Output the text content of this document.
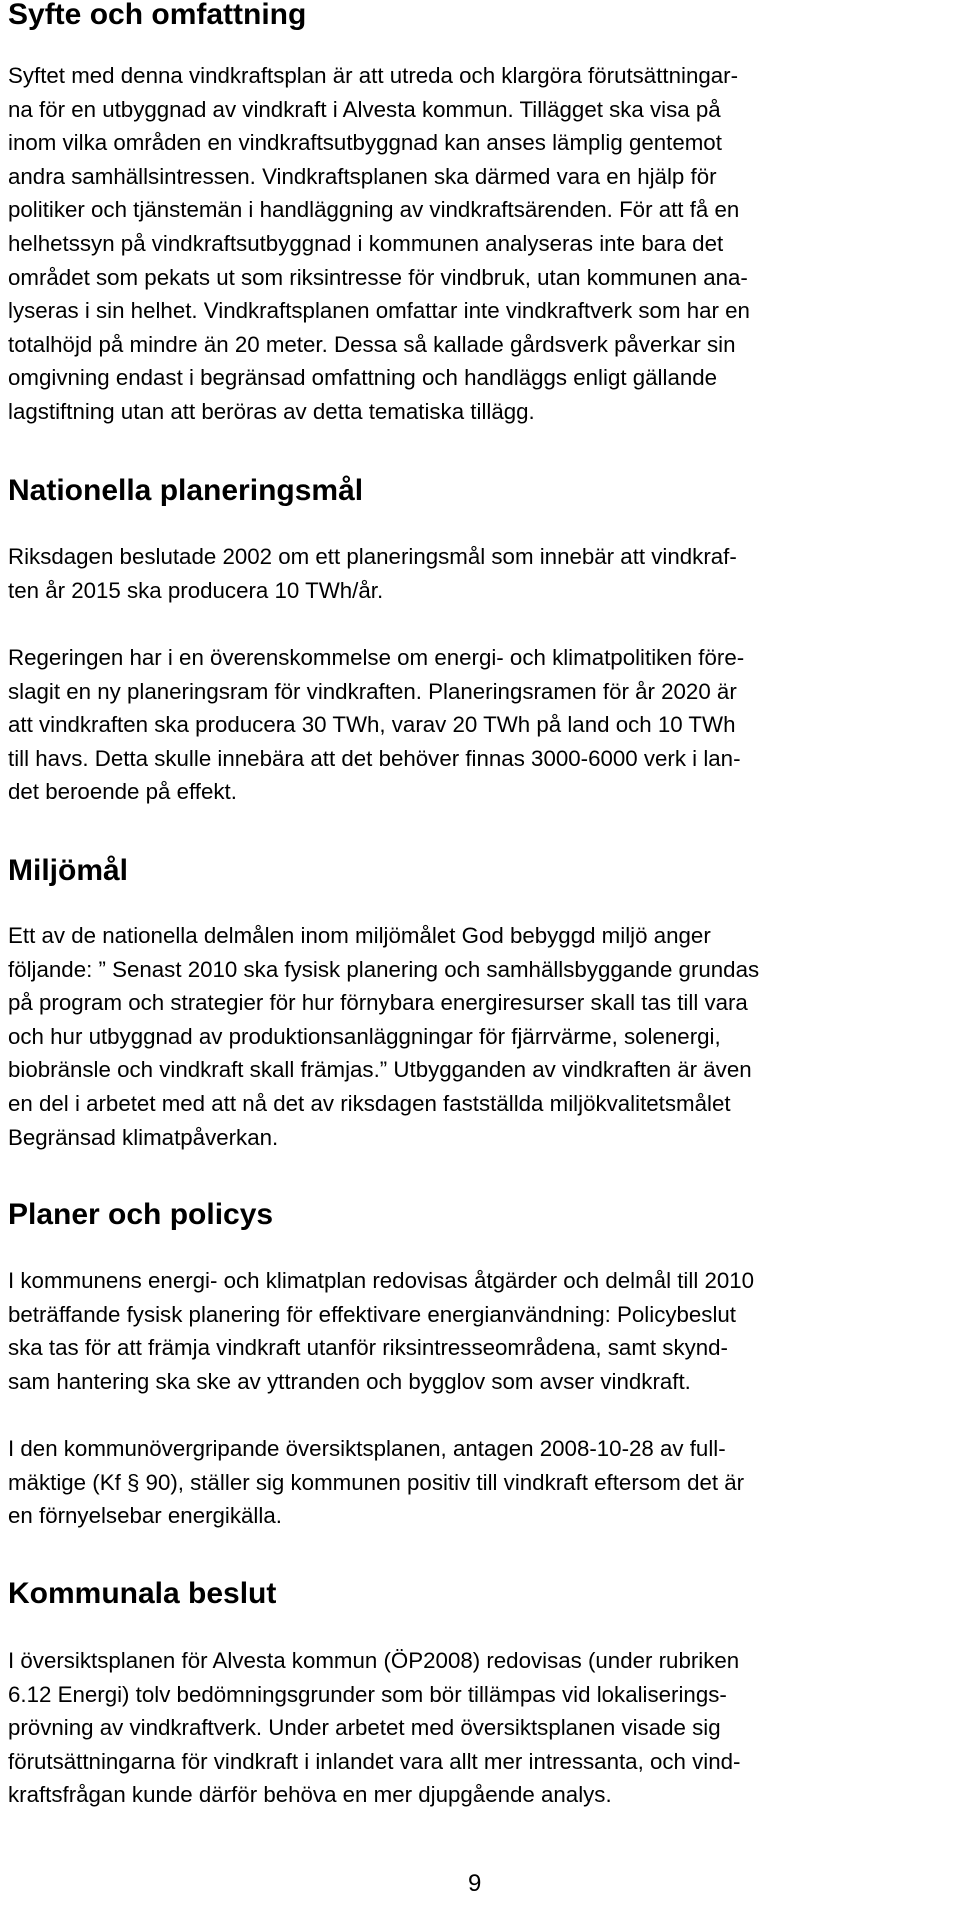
Syfte och omfattning
Syftet med denna vindkraftsplan är att utreda och klargöra förutsättningar-
na för en utbyggnad av vindkraft i Alvesta kommun. Tillägget ska visa på
inom vilka områden en vindkraftsutbyggnad kan anses lämplig gentemot
andra samhällsintressen. Vindkraftsplanen ska därmed vara en hjälp för
politiker och tjänstemän i handläggning av vindkraftsärenden. För att få en
helhetssyn på vindkraftsutbyggnad i kommunen analyseras inte bara det
området som pekats ut som riksintresse för vindbruk, utan kommunen ana-
lyseras i sin helhet. Vindkraftsplanen omfattar inte vindkraftverk som har en
totalhöjd på mindre än 20 meter. Dessa så kallade gårdsverk påverkar sin
omgivning endast i begränsad omfattning och handläggs enligt gällande
lagstiftning utan att beröras av detta tematiska tillägg.
Nationella planeringsmål
Riksdagen beslutade 2002 om ett planeringsmål som innebär att vindkraf-
ten år 2015 ska producera 10 TWh/år.
Regeringen har i en överenskommelse om energi- och klimatpolitiken före-
slagit en ny planeringsram för vindkraften. Planeringsramen för år 2020 är
att vindkraften ska producera 30 TWh, varav 20 TWh på land och 10 TWh
till havs. Detta skulle innebära att det behöver finnas 3000-6000 verk i lan-
det beroende på effekt.
Miljömål
Ett av de nationella delmålen inom miljömålet God bebyggd miljö anger
följande: ” Senast 2010 ska fysisk planering och samhällsbyggande grundas
på program och strategier för hur förnybara energiresurser skall tas till vara
och hur utbyggnad av produktionsanläggningar för fjärrvärme, solenergi,
biobränsle och vindkraft skall främjas.” Utbygganden av vindkraften är även
en del i arbetet med att nå det av riksdagen fastställda miljökvalitetsmålet
Begränsad klimatpåverkan.
Planer och policys
I kommunens energi- och klimatplan redovisas åtgärder och delmål till 2010
beträffande fysisk planering för effektivare energianvändning: Policybeslut
ska tas för att främja vindkraft utanför riksintresseområdena, samt skynd-
sam hantering ska ske av yttranden och bygglov som avser vindkraft.
I den kommunövergripande översiktsplanen, antagen 2008-10-28 av full-
mäktige (Kf § 90), ställer sig kommunen positiv till vindkraft eftersom det är
en förnyelsebar energikälla.
Kommunala beslut
I översiktsplanen för Alvesta kommun (ÖP2008) redovisas (under rubriken
6.12 Energi) tolv bedömningsgrunder som bör tillämpas vid lokaliserings-
prövning av vindkraftverk. Under arbetet med översiktsplanen visade sig
förutsättningarna för vindkraft i inlandet vara allt mer intressanta, och vind-
kraftsfrågan kunde därför behöva en mer djupgående analys.
9
